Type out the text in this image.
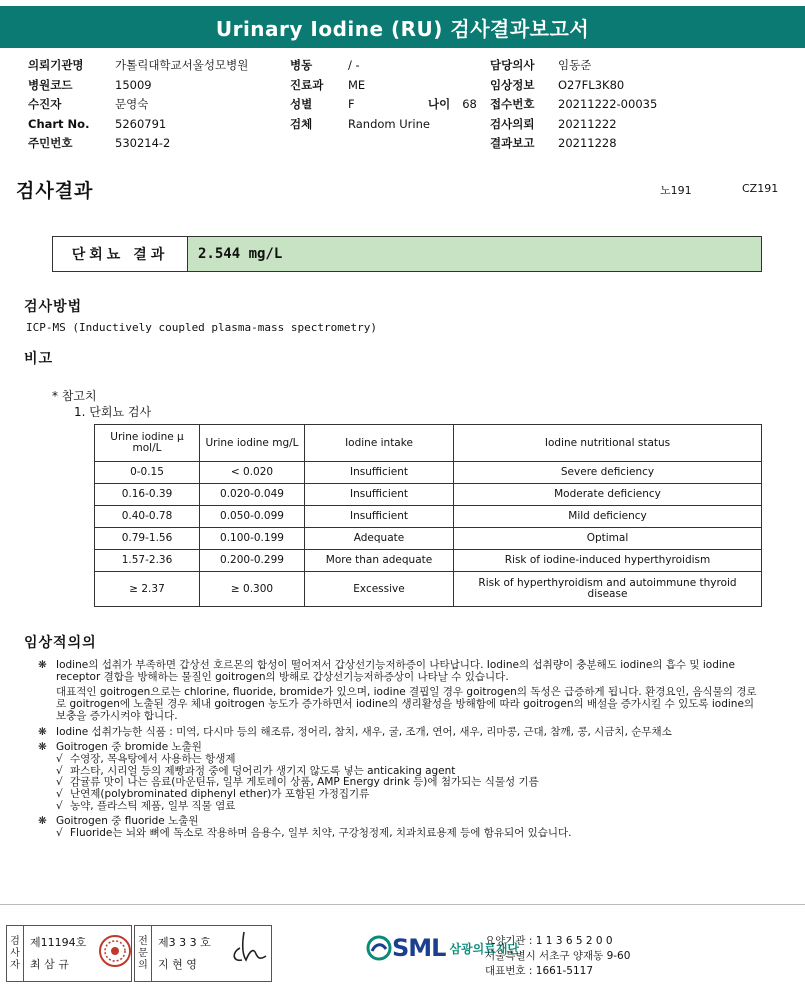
Urinary Iodine (RU) 검사결과보고서
의뢰기관명	가톨릭대학교서울성모병원
병원코드	15009
수진자	문영숙
Chart No.	5260791
주민번호	530214-2
병동	/ -
진료과	ME
성별	F	나이 68
검체	Random Urine
담당의사	임동준
임상정보	O27FL3K80
접수번호	20211222-00035
검사의뢰	20211222
결과보고	20211228
검사결과	노191	CZ191
단회뇨 결과	2.544 mg/L
검사방법
ICP-MS (Inductively coupled plasma-mass spectrometry)
비고
* 참고치
1. 단회뇨 검사
Urine iodine μ mol/L	Urine iodine mg/L	Iodine intake	Iodine nutritional status
0-0.15	< 0.020	Insufficient	Severe deficiency
0.16-0.39	0.020-0.049	Insufficient	Moderate deficiency
0.40-0.78	0.050-0.099	Insufficient	Mild deficiency
0.79-1.56	0.100-0.199	Adequate	Optimal
1.57-2.36	0.200-0.299	More than adequate	Risk of iodine-induced hyperthyroidism
≥ 2.37	≥ 0.300	Excessive	Risk of hyperthyroidism and autoimmune thyroid disease
임상적의의
❋ Iodine의 섭취가 부족하면 갑상선 호르몬의 합성이 떨어져서 갑상선기능저하증이 나타납니다. Iodine의 섭취량이 충분해도 iodine의 흡수 및 iodine receptor 결합을 방해하는 물질인 goitrogen의 방해로 갑상선기능저하증상이 나타날 수 있습니다.
대표적인 goitrogen으로는 chlorine, fluoride, bromide가 있으며, iodine 결핍일 경우 goitrogen의 독성은 급증하게 됩니다. 환경요인, 음식물의 경로로 goitrogen에 노출된 경우 체내 goitrogen 농도가 증가하면서 iodine의 생리활성을 방해함에 따라 goitrogen의 배설을 증가시킬 수 있도록 iodine의 보충을 증가시켜야 합니다.
❋ Iodine 섭취가능한 식품 : 미역, 다시마 등의 해조류, 정어리, 참치, 새우, 굴, 조개, 연어, 새우, 리마콩, 근대, 참깨, 콩, 시금치, 순무채소
❋ Goitrogen 중 bromide 노출원
√ 수영장, 목욕탕에서 사용하는 항생제
√ 파스타, 시리얼 등의 제빵과정 중에 덩어리가 생기지 않도록 넣는 anticaking agent
√ 감귤류 맛이 나는 음료(마운틴듀, 일부 게토레이 상품, AMP Energy drink 등)에 첨가되는 식물성 기름
√ 난연제(polybrominated diphenyl ether)가 포함된 가정집기류
√ 농약, 플라스틱 제품, 일부 직물 염료
❋ Goitrogen 중 fluoride 노출원
√ Fluoride는 뇌와 뼈에 독소로 작용하며 음용수, 일부 치약, 구강청정제, 치과치료용제 등에 함유되어 있습니다.
검사자
제11194호
최 삼 규
전문의
제3 3 3 호
지 현 영
SML 삼광의료재단
요양기관 : 1 1 3 6 5 2 0 0
서울특별시 서초구 양재동 9-60
대표번호 : 1661-5117
